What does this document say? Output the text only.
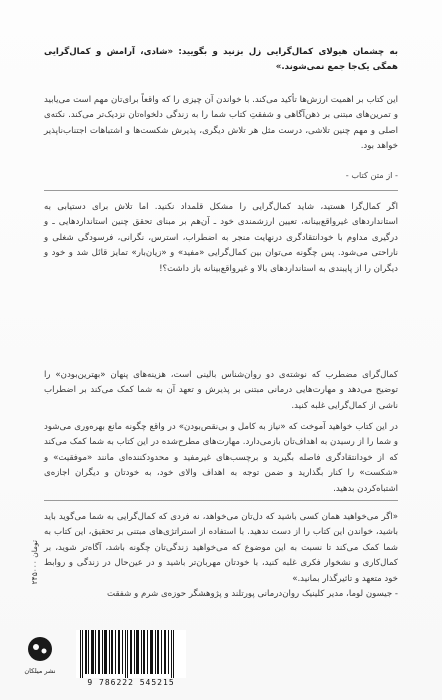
به چشمان هیولای کمال‌گرایی زل بزنید و بگویید: «شادی، آرامش و کمال‌گرایی همگی یک‌جا جمع نمی‌شوند.»
این کتاب بر اهمیت ارزش‌ها تأکید می‌کند. با خواندن آن چیزی را که واقعاً برای‌تان مهم است می‌یابید و تمرین‌های مبتنی بر ذهن‌آگاهی و شفقتِ کتاب شما را به زندگی دلخواه‌تان نزدیک‌تر می‌کند. نکته‌ی اصلی و مهم چنین تلاشی، درست مثل هر تلاش دیگری، پذیرش شکست‌ها و اشتباهات اجتناب‌ناپذیر خواهد بود.
- از متن کتاب -
اگر کمال‌گرا هستید، شاید کمال‌گرایی را مشکل قلمداد نکنید. اما تلاش برای دستیابی به استانداردهای غیرواقع‌بینانه، تعیین ارزشمندی خود ـ آن‌هم بر مبنای تحقق چنین استانداردهایی ـ و درگیری مداوم با خودانتقادگری درنهایت منجر به اضطراب، استرس، نگرانی، فرسودگی شغلی و ناراحتی می‌شود. پس چگونه می‌توان بین کمال‌گرایی «مفید» و «زیان‌بار» تمایز قائل شد و خود و دیگران را از پایبندی به استانداردهای بالا و غیرواقع‌بینانه باز داشت؟!
کمال‌گرای مضطرب که نوشته‌ی دو روان‌شناس بالینی است، هزینه‌های پنهان «بهترین‌بودن» را توضیح می‌دهد و مهارت‌هایی درمانی مبتنی بر پذیرش و تعهد آن به شما کمک می‌کند بر اضطراب ناشی از کمال‌گرایی غلبه کنید.
در این کتاب خواهید آموخت که «نیاز به کامل و بی‌نقص‌بودن» در واقع چگونه مانع بهره‌وری می‌شود و شما را از رسیدن به اهداف‌تان بازمی‌دارد. مهارت‌های مطرح‌شده در این کتاب به شما کمک می‌کند که از خودانتقادگری فاصله بگیرید و برچسب‌های غیرمفید و محدودکننده‌ای مانند «موفقیت» و «شکست» را کنار بگذارید و ضمن توجه به اهداف والای خود، به خودتان و دیگران اجازه‌ی اشتباه‌کردن بدهید.
«اگر می‌خواهید همان کسی باشید که دل‌تان می‌خواهد، نه فردی که کمال‌گرایی به شما می‌گوید باید باشید، خواندن این کتاب را از دست ندهید. با استفاده از استراتژی‌های مبتنی بر تحقیق، این کتاب به شما کمک می‌کند تا نسبت به این موضوع که می‌خواهید زندگی‌تان چگونه باشد، آگاه‌تر شوید، بر کمال‌کاری و نشخوار فکری غلبه کنید، با خودتان مهربان‌تر باشید و در عین‌حال در زندگی و روابط خود متعهد و تاثیرگذار بمانید.»

- جیسون لوما، مدیر کلینیک روان‌درمانی پورتلند و پژوهشگر حوزه‌ی شرم و شفقت
۲۴۵۰۰۰ تومان
9 786222 545215
نشر میلکان
